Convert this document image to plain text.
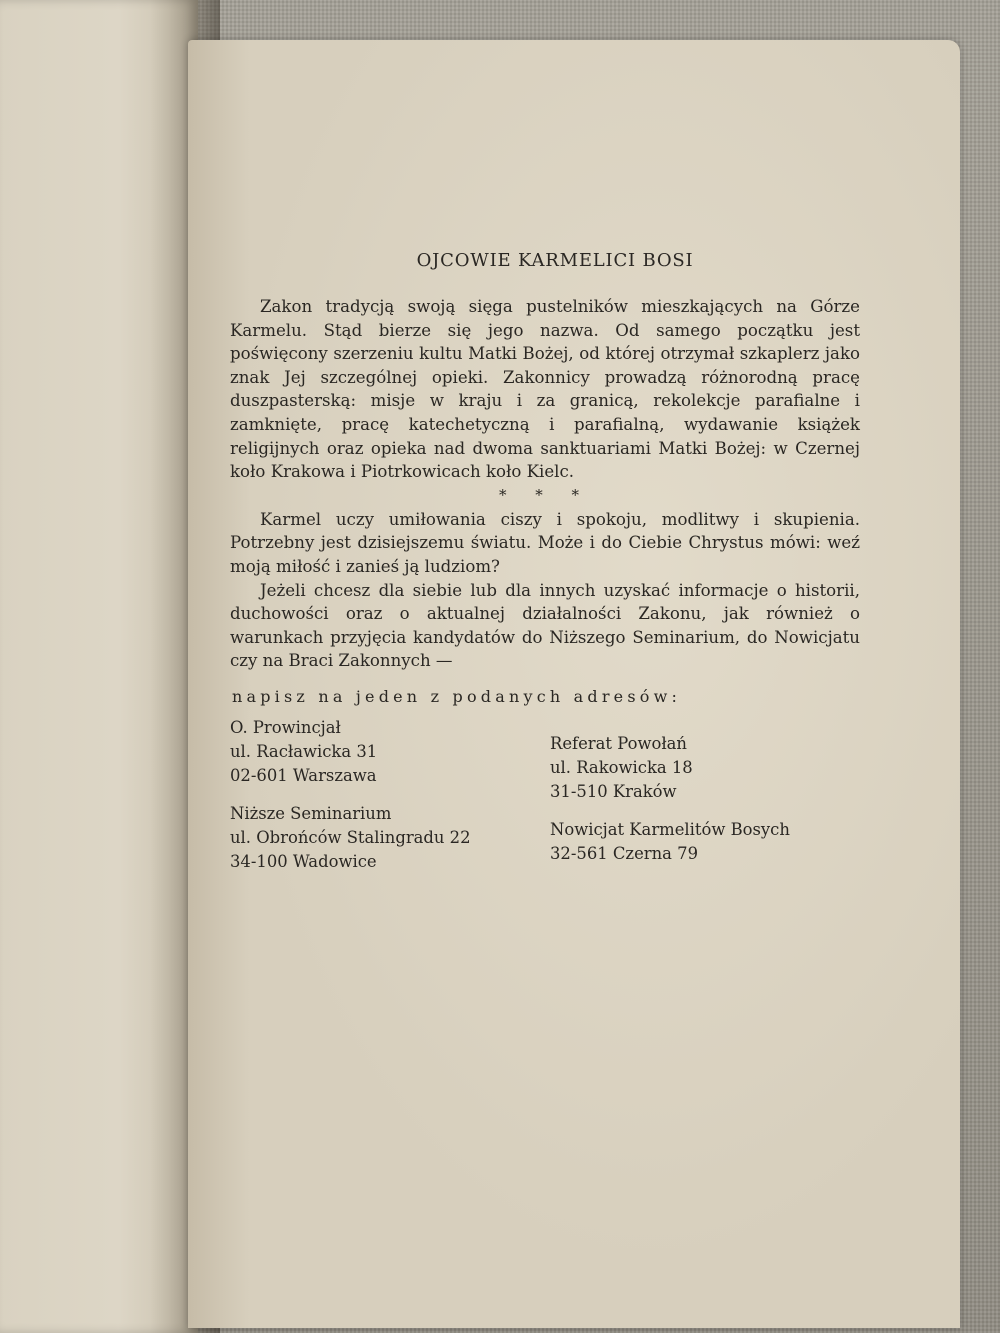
OJCOWIE KARMELICI BOSI

Zakon tradycją swoją sięga pustelników mieszkających na Górze Karmelu. Stąd bierze się jego nazwa. Od samego początku jest poświęcony szerzeniu kultu Matki Bożej, od której otrzymał szkaplerz jako znak Jej szczególnej opieki. Zakonnicy prowadzą różnorodną pracę duszpasterską: misje w kraju i za granicą, rekolekcje parafialne i zamknięte, pracę katechetyczną i parafialną, wydawanie książek religijnych oraz opieka nad dwoma sanktuariami Matki Bożej: w Czernej koło Krakowa i Piotrkowicach koło Kielc.

* * *

Karmel uczy umiłowania ciszy i spokoju, modlitwy i skupienia. Potrzebny jest dzisiejszemu światu. Może i do Ciebie Chrystus mówi: weź moją miłość i zanieś ją ludziom?

Jeżeli chcesz dla siebie lub dla innych uzyskać informacje o historii, duchowości oraz o aktualnej działalności Zakonu, jak również o warunkach przyjęcia kandydatów do Niższego Seminarium, do Nowicjatu czy na Braci Zakonnych —

napisz na jeden z podanych adresów:
O. Prowincjał
ul. Racławicka 31
02-601 Warszawa
Niższe Seminarium
ul. Obrońców Stalingradu 22
34-100 Wadowice
Referat Powołań
ul. Rakowicka 18
31-510 Kraków
Nowicjat Karmelitów Bosych
32-561 Czerna 79
